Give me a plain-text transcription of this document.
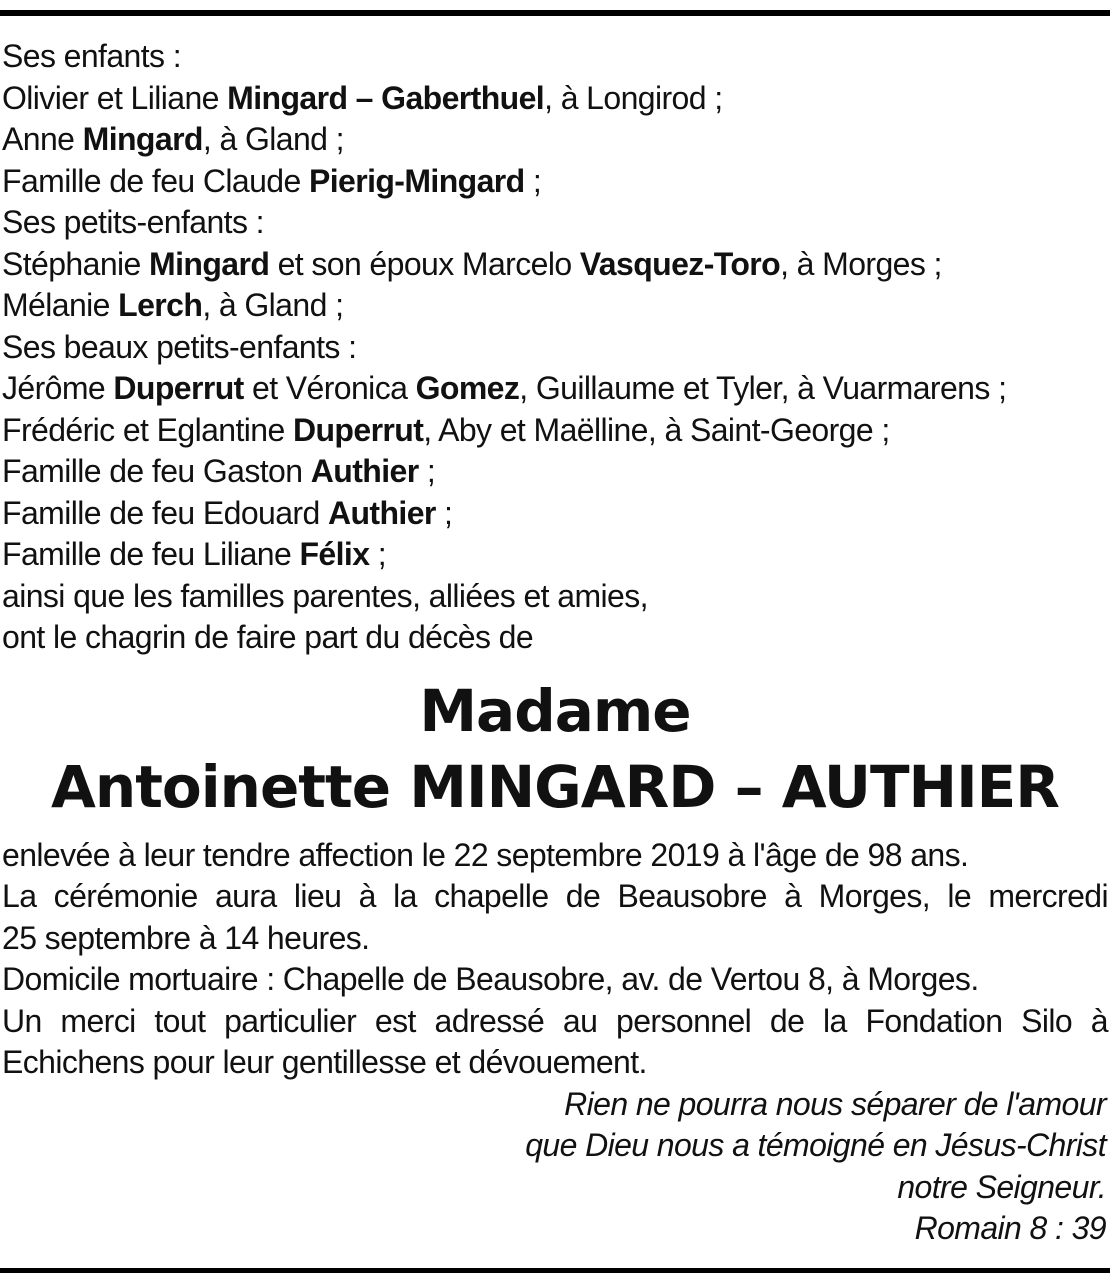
Ses enfants :
Olivier et Liliane Mingard – Gaberthuel, à Longirod ;
Anne Mingard, à Gland ;
Famille de feu Claude Pierig-Mingard ;
Ses petits-enfants :
Stéphanie Mingard et son époux Marcelo Vasquez-Toro, à Morges ;
Mélanie Lerch, à Gland ;
Ses beaux petits-enfants :
Jérôme Duperrut et Véronica Gomez, Guillaume et Tyler, à Vuarmarens ;
Frédéric et Eglantine Duperrut, Aby et Maëlline, à Saint-George ;
Famille de feu Gaston Authier ;
Famille de feu Edouard Authier ;
Famille de feu Liliane Félix ;
ainsi que les familles parentes, alliées et amies,
ont le chagrin de faire part du décès de
Madame
Antoinette MINGARD – AUTHIER
enlevée à leur tendre affection le 22 septembre 2019 à l'âge de 98 ans.
La cérémonie aura lieu à la chapelle de Beausobre à Morges, le mercredi
25 septembre à 14 heures.
Domicile mortuaire : Chapelle de Beausobre, av. de Vertou 8, à Morges.
Un merci tout particulier est adressé au personnel de la Fondation Silo à
Echichens pour leur gentillesse et dévouement.
Rien ne pourra nous séparer de l'amour
que Dieu nous a témoigné en Jésus-Christ
notre Seigneur.
Romain 8 : 39
